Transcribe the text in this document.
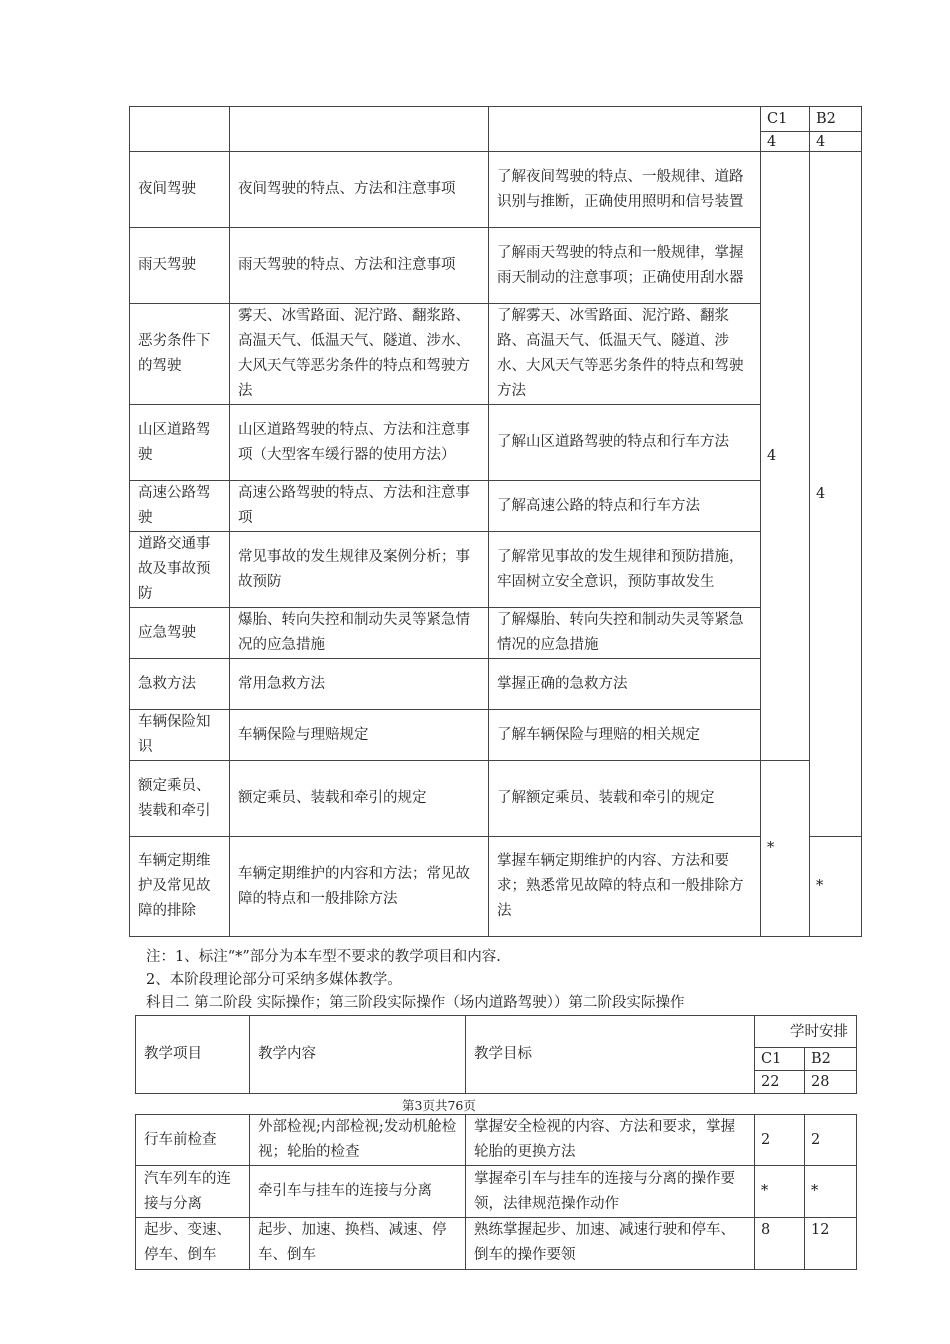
			C1	B2
			4	4
夜间驾驶	夜间驾驶的特点、方法和注意事项	了解夜间驾驶的特点、一般规律、道路识别与推断，正确使用照明和信号装置	4	4
雨天驾驶	雨天驾驶的特点、方法和注意事项	了解雨天驾驶的特点和一般规律，掌握雨天制动的注意事项；正确使用刮水器		
恶劣条件下的驾驶	雾天、冰雪路面、泥泞路、翻浆路、高温天气、低温天气、隧道、涉水、大风天气等恶劣条件的特点和驾驶方法	了解雾天、冰雪路面、泥泞路、翻浆路、高温天气、低温天气、隧道、涉水、大风天气等恶劣条件的特点和驾驶方法		
山区道路驾驶	山区道路驾驶的特点、方法和注意事项（大型客车缓行器的使用方法）	了解山区道路驾驶的特点和行车方法		
高速公路驾驶	高速公路驾驶的特点、方法和注意事项	了解高速公路的特点和行车方法		
道路交通事故及事故预防	常见事故的发生规律及案例分析；事故预防	了解常见事故的发生规律和预防措施，牢固树立安全意识，预防事故发生		
应急驾驶	爆胎、转向失控和制动失灵等紧急情况的应急措施	了解爆胎、转向失控和制动失灵等紧急情况的应急措施		
急救方法	常用急救方法	掌握正确的急救方法		
车辆保险知识	车辆保险与理赔规定	了解车辆保险与理赔的相关规定		
额定乘员、装载和牵引	额定乘员、装载和牵引的规定	了解额定乘员、装载和牵引的规定	*	
车辆定期维护及常见故障的排除	车辆定期维护的内容和方法；常见故障的特点和一般排除方法	掌握车辆定期维护的内容、方法和要求；熟悉常见故障的特点和一般排除方法		*
注：1、标注“*”部分为本车型不要求的教学项目和内容.
2、本阶段理论部分可采纳多媒体教学。
科目二 第二阶段 实际操作；第三阶段实际操作（场内道路驾驶））第二阶段实际操作
教学项目	教学内容	教学目标	学时安排	
			C1	B2
			22	28
第3页共76页
行车前检查	外部检视;内部检视;发动机舱检视；轮胎的检查	掌握安全检视的内容、方法和要求，掌握轮胎的更换方法	2	2
汽车列车的连接与分离	牵引车与挂车的连接与分离	掌握牵引车与挂车的连接与分离的操作要领，法律规范操作动作	*	*
起步、变速、停车、倒车	起步、加速、换档、减速、停车、倒车	熟练掌握起步、加速、减速行驶和停车、倒车的操作要领	8	12
